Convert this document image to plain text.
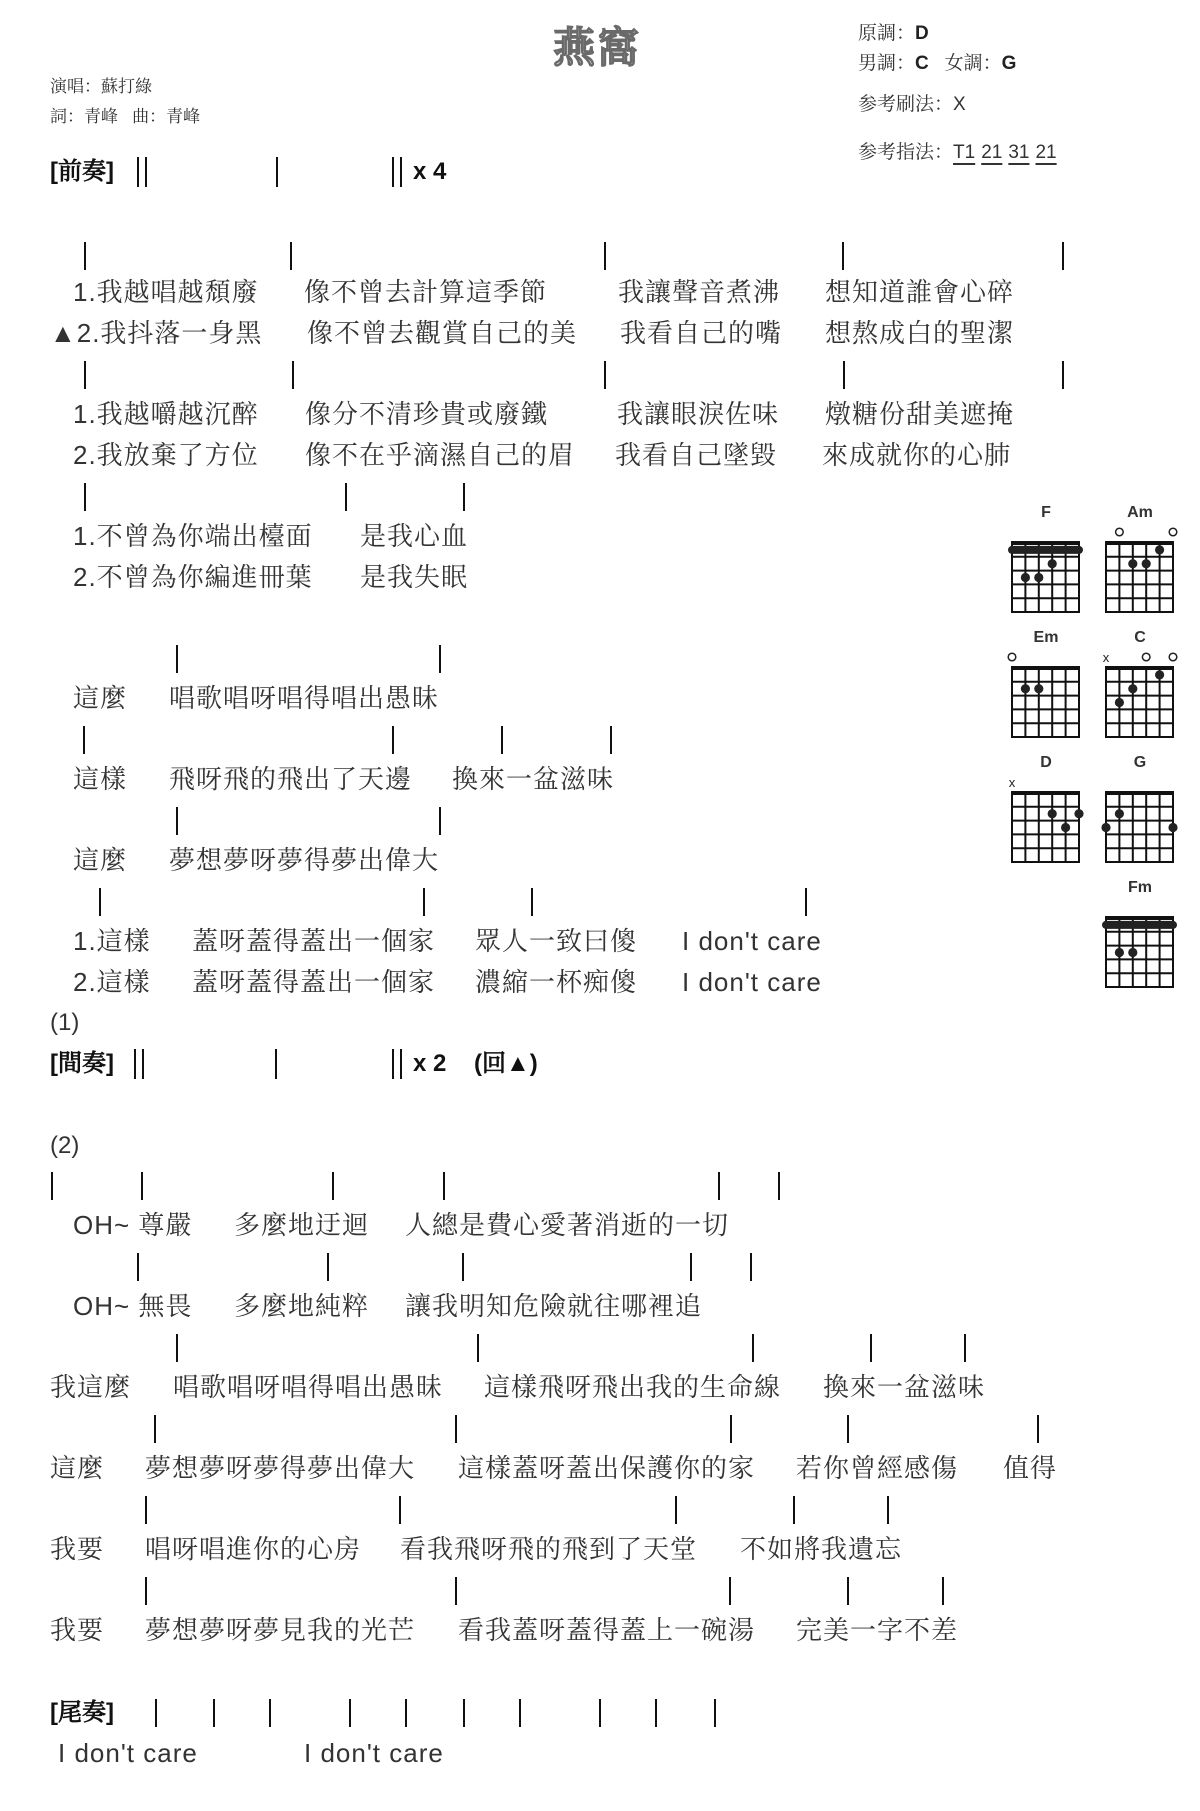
燕窩
演唱：蘇打綠
詞：青峰 曲：青峰
原調：D
男調：C 女調：G
参考刷法：X
参考指法：T1 21 31 21
[前奏]	x 4
1.我越唱越頹廢 像不曾去計算這季節	我讓聲音煮沸 想知道誰會心碎
▲2.我抖落一身黑 像不曾去觀賞自己的美 我看自己的嘴 想熬成白的聖潔
1.我越嚼越沉醉 像分不清珍貴或廢鐵	我讓眼淚佐味 燉糖份甜美遮掩
2.我放棄了方位 像不在乎滴濕自己的眉 我看自己墜毀 來成就你的心肺
1.不曾為你端出檯面 是我心血
2.不曾為你編進冊葉 是我失眠
這麼 唱歌唱呀唱得唱出愚昧
這樣 飛呀飛的飛出了天邊 換來一盆滋味
這麼 夢想夢呀夢得夢出偉大
1.這樣 蓋呀蓋得蓋出一個家 眾人一致曰傻 I don't care
2.這樣 蓋呀蓋得蓋出一個家 濃縮一杯痴傻 I don't care
(1)
[間奏]	x 2 (回▲)
(2)
OH~ 尊嚴 多麼地迂迴 人總是費心愛著消逝的一切
OH~ 無畏 多麼地純粹 讓我明知危險就往哪裡追
我這麼 唱歌唱呀唱得唱出愚昧 這樣飛呀飛出我的生命線 換來一盆滋味
這麼 夢想夢呀夢得夢出偉大 這樣蓋呀蓋出保護你的家 若你曾經感傷 值得
我要 唱呀唱進你的心房 看我飛呀飛的飛到了天堂 不如將我遺忘
我要 夢想夢呀夢見我的光芒 看我蓋呀蓋得蓋上一碗湯 完美一字不差
[尾奏]
I don't care	I don't care
F	Am
Em	C
x
D
x
G
Fm
